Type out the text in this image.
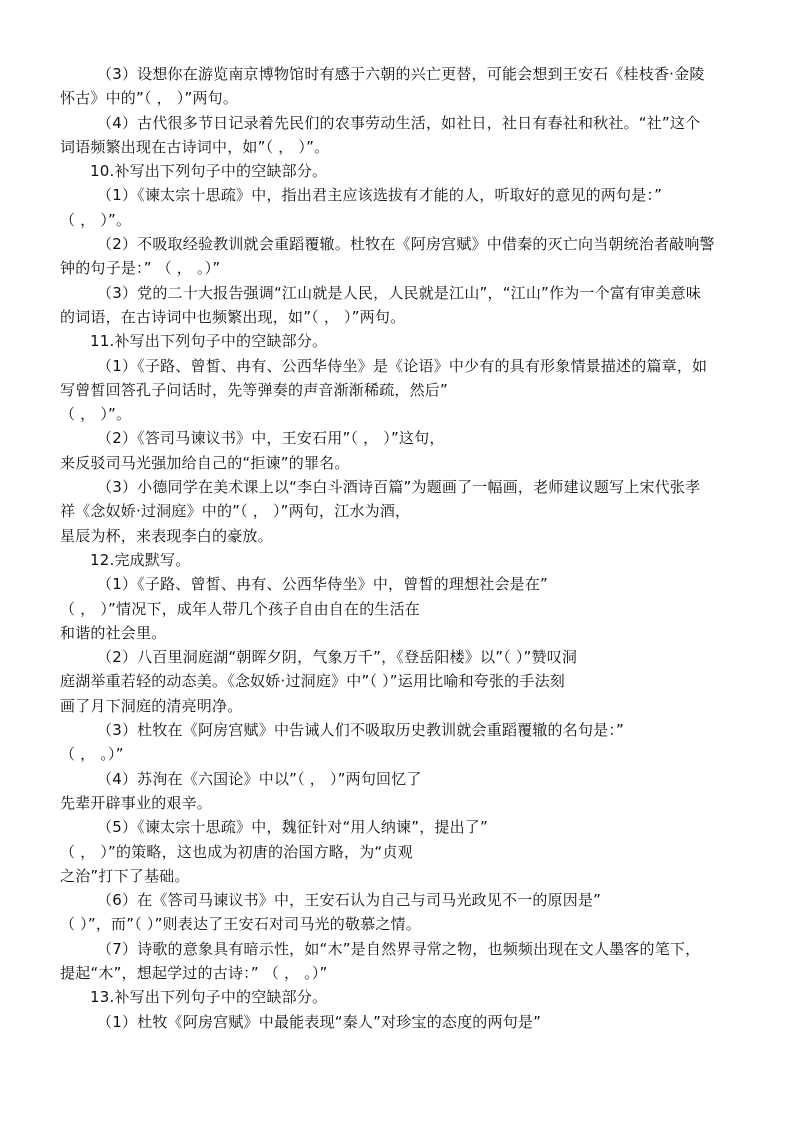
（3）设想你在游览南京博物馆时有感于六朝的兴亡更替，可能会想到王安石《桂枝香·金陵
怀古》中的”（ ， ）”两句。
（4）古代很多节日记录着先民们的农事劳动生活，如社日，社日有春社和秋社。“社”这个
词语频繁出现在古诗词中，如”（ ， ）”。
10.补写出下列句子中的空缺部分。
（1）《谏太宗十思疏》中，指出君主应该选拔有才能的人，听取好的意见的两句是：”
（ ， ）”。
（2）不吸取经验教训就会重蹈覆辙。杜牧在《阿房宫赋》中借秦的灭亡向当朝统治者敲响警
钟的句子是：” （ ， 。）”
（3）党的二十大报告强调“江山就是人民，人民就是江山”，“江山”作为一个富有审美意味
的词语，在古诗词中也频繁出现，如”（ ， ）”两句。
11.补写出下列句子中的空缺部分。
（1）《子路、曾皙、冉有、公西华侍坐》是《论语》中少有的具有形象情景描述的篇章，如
写曾皙回答孔子问话时，先等弹奏的声音渐渐稀疏，然后”
（ ， ）”。
（2）《答司马谏议书》中，王安石用”（ ， ）”这句，
来反驳司马光强加给自己的“拒谏”的罪名。
（3）小德同学在美术课上以“李白斗酒诗百篇”为题画了一幅画，老师建议题写上宋代张孝
祥《念奴娇·过洞庭》中的”（ ， ）”两句，江水为酒，
星辰为杯，来表现李白的豪放。
12.完成默写。
（1）《子路、曾皙、冉有、公西华侍坐》中，曾皙的理想社会是在”
（ ， ）”情况下，成年人带几个孩子自由自在的生活在
和谐的社会里。
（2）八百里洞庭湖“朝晖夕阴，气象万千”，《登岳阳楼》以”（ ）”赞叹洞
庭湖举重若轻的动态美。《念奴娇·过洞庭》中”（ ）”运用比喻和夸张的手法刻
画了月下洞庭的清亮明净。
（3）杜牧在《阿房宫赋》中告诫人们不吸取历史教训就会重蹈覆辙的名句是：”
（ ， 。）”
（4）苏洵在《六国论》中以”（ ， ）”两句回忆了
先辈开辟事业的艰辛。
（5）《谏太宗十思疏》中，魏征针对“用人纳谏”，提出了”
（ ， ）”的策略，这也成为初唐的治国方略，为“贞观
之治”打下了基础。
（6）在《答司马谏议书》中，王安石认为自己与司马光政见不一的原因是”
（ ）”，而”（ ）”则表达了王安石对司马光的敬慕之情。
（7）诗歌的意象具有暗示性，如“木”是自然界寻常之物，也频频出现在文人墨客的笔下，
提起“木”，想起学过的古诗：” （ ， 。）”
13.补写出下列句子中的空缺部分。
（1）杜牧《阿房宫赋》中最能表现“秦人”对珍宝的态度的两句是”
